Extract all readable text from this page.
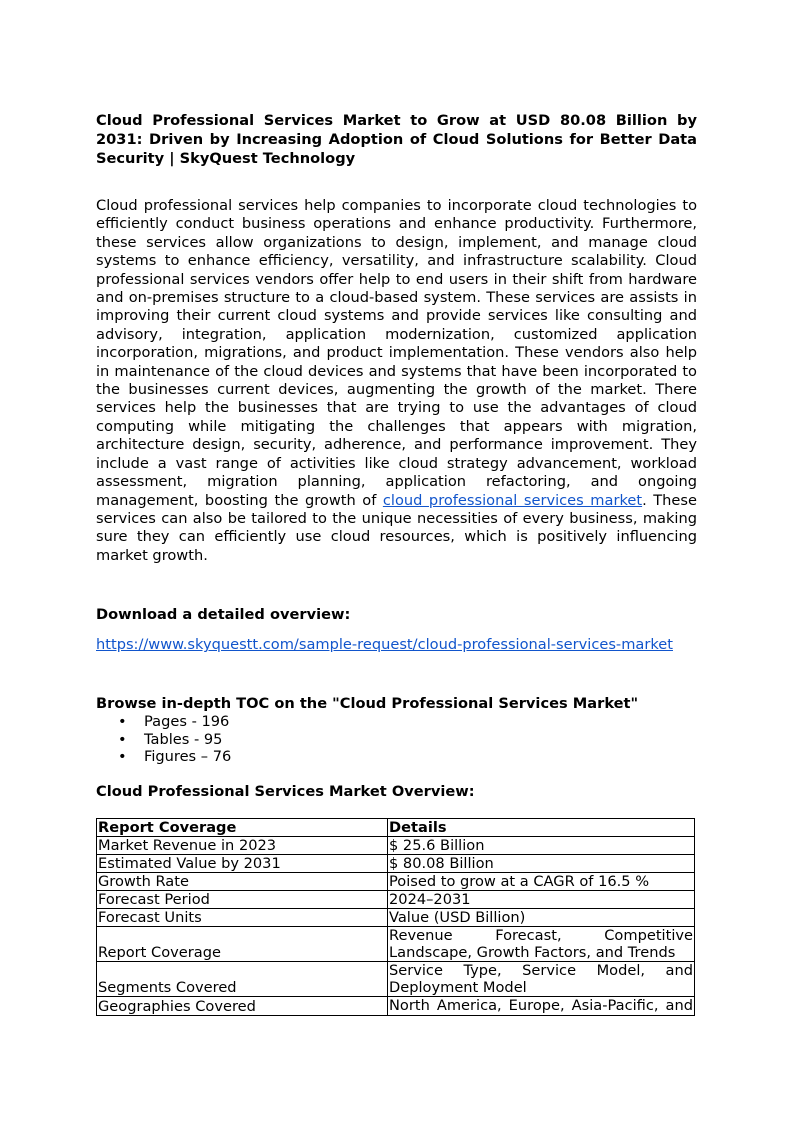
Cloud Professional Services Market to Grow at USD 80.08 Billion by 2031: Driven by Increasing Adoption of Cloud Solutions for Better Data Security | SkyQuest Technology

Cloud professional services help companies to incorporate cloud technologies to efficiently conduct business operations and enhance productivity. Furthermore, these services allow organizations to design, implement, and manage cloud systems to enhance efficiency, versatility, and infrastructure scalability. Cloud professional services vendors offer help to end users in their shift from hardware and on-premises structure to a cloud-based system. These services are assists in improving their current cloud systems and provide services like consulting and advisory, integration, application modernization, customized application incorporation, migrations, and product implementation. These vendors also help in maintenance of the cloud devices and systems that have been incorporated to the businesses current devices, augmenting the growth of the market. There services help the businesses that are trying to use the advantages of cloud computing while mitigating the challenges that appears with migration, architecture design, security, adherence, and performance improvement. They include a vast range of activities like cloud strategy advancement, workload assessment, migration planning, application refactoring, and ongoing management, boosting the growth of cloud professional services market. These services can also be tailored to the unique necessities of every business, making sure they can efficiently use cloud resources, which is positively influencing market growth.

Download a detailed overview:

https://www.skyquestt.com/sample-request/cloud-professional-services-market

Browse in-depth TOC on the "Cloud Professional Services Market"

• Pages - 196
• Tables - 95
• Figures – 76

Cloud Professional Services Market Overview:

Report Coverage	Details
Market Revenue in 2023	$ 25.6 Billion
Estimated Value by 2031	$ 80.08 Billion
Growth Rate	Poised to grow at a CAGR of 16.5 %
Forecast Period	2024–2031
Forecast Units	Value (USD Billion)
Report Coverage	Revenue Forecast, Competitive Landscape, Growth Factors, and Trends
Segments Covered	Service Type, Service Model, and Deployment Model
Geographies Covered	North America, Europe, Asia-Pacific, and
